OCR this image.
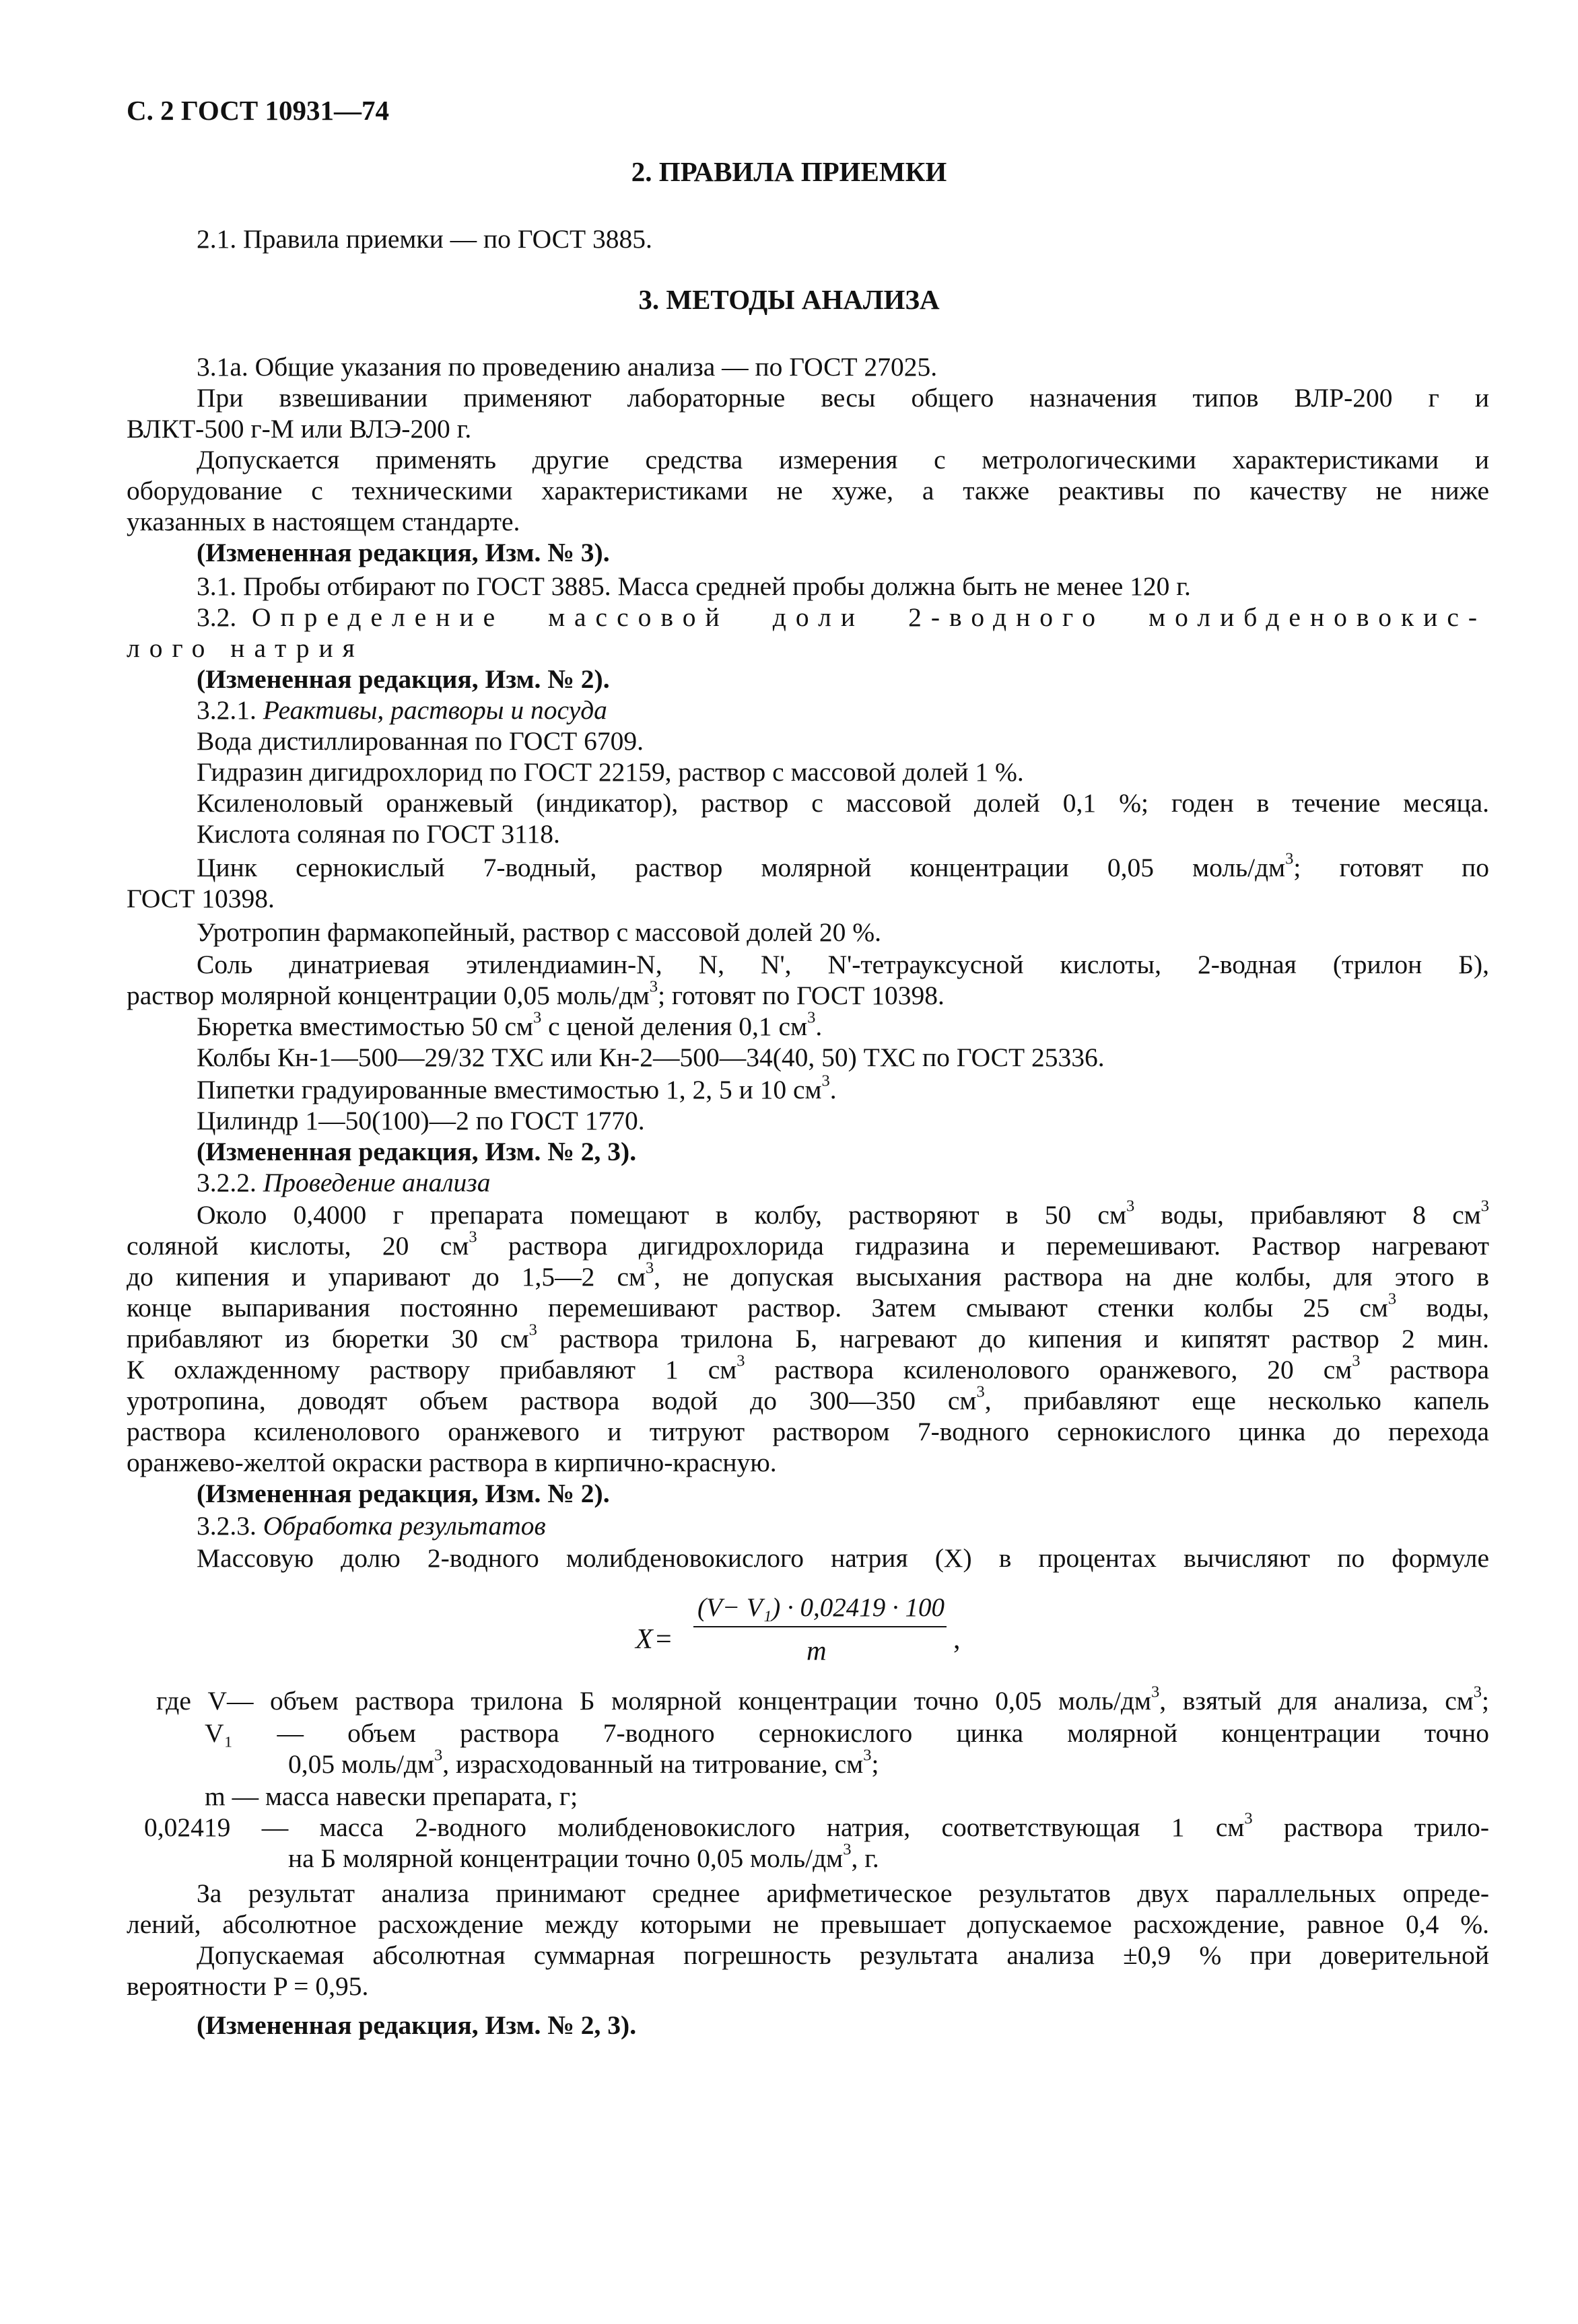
С. 2 ГОСТ 10931—74
2. ПРАВИЛА ПРИЕМКИ
2.1. Правила приемки — по ГОСТ 3885.
3. МЕТОДЫ АНАЛИЗА
3.1а. Общие указания по проведению анализа — по ГОСТ 27025.
При взвешивании применяют лабораторные весы общего назначения типов ВЛР-200 г и
ВЛКТ-500 г-М или ВЛЭ-200 г.
Допускается применять другие средства измерения с метрологическими характеристиками и
оборудование с техническими характеристиками не хуже, а также реактивы по качеству не ниже
указанных в настоящем стандарте.
(Измененная редакция, Изм. № 3).
3.1. Пробы отбирают по ГОСТ 3885. Масса средней пробы должна быть не менее 120 г.
3.2. Определение массовой доли 2-водного молибденовокис-
лого натрия
(Измененная редакция, Изм. № 2).
3.2.1. Реактивы, растворы и посуда
Вода дистиллированная по ГОСТ 6709.
Гидразин дигидрохлорид по ГОСТ 22159, раствор с массовой долей 1 %.
Ксиленоловый оранжевый (индикатор), раствор с массовой долей 0,1 %; годен в течение месяца.
Кислота соляная по ГОСТ 3118.
Цинк сернокислый 7-водный, раствор молярной концентрации 0,05 моль/$дм^3$; готовят по
ГОСТ 10398.
Уротропин фармакопейный, раствор с массовой долей 20 %.
Соль динатриевая этилендиамин-N, N, N', N'-тетрауксусной кислоты, 2-водная (трилон Б),
раствор молярной концентрации 0,05 моль/$дм^3$; готовят по ГОСТ 10398.
Бюретка вместимостью 50 $см^3$ с ценой деления 0,1 $см^3$.
Колбы Кн-1—500—29/32 ТХС или Кн-2—500—34(40, 50) ТХС по ГОСТ 25336.
Пипетки градуированные вместимостью 1, 2, 5 и 10 $см^3$.
Цилиндр 1—50(100)—2 по ГОСТ 1770.
(Измененная редакция, Изм. № 2, 3).
3.2.2. Проведение анализа
Около 0,4000 г препарата помещают в колбу, растворяют в 50 $см^3$ воды, прибавляют 8 $см^3$
соляной кислоты, 20 $см^3$ раствора дигидрохлорида гидразина и перемешивают. Раствор нагревают
до кипения и упаривают до 1,5—2 $см^3$, не допуская высыхания раствора на дне колбы, для этого в
конце выпаривания постоянно перемешивают раствор. Затем смывают стенки колбы 25 $см^3$ воды,
прибавляют из бюретки 30 $см^3$ раствора трилона Б, нагревают до кипения и кипятят раствор 2 мин.
К охлажденному раствору прибавляют 1 $см^3$ раствора ксиленолового оранжевого, 20 $см^3$ раствора
уротропина, доводят объем раствора водой до 300—350 $см^3$, прибавляют еще несколько капель
раствора ксиленолового оранжевого и титруют раствором 7-водного сернокислого цинка до перехода
оранжево-желтой окраски раствора в кирпично-красную.
(Измененная редакция, Изм. № 2).
3.2.3. Обработка результатов
Массовую долю 2-водного молибденовокислого натрия (X) в процентах вычисляют по формуле
X =
(V− V₁) · 0,02419 · 100
m	,
где V— объем раствора трилона Б молярной концентрации точно 0,05 моль/$дм^3$, взятый для анализа, $см^3$;
V₁ — объем раствора 7-водного сернокислого цинка молярной концентрации точно
0,05 моль/$дм^3$, израсходованный на титрование, $см^3$;
m — масса навески препарата, г;
0,02419 — масса 2-водного молибденовокислого натрия, соответствующая 1 $см^3$ раствора трило-
на Б молярной концентрации точно 0,05 моль/$дм^3$, г.
За результат анализа принимают среднее арифметическое результатов двух параллельных опреде-
лений, абсолютное расхождение между которыми не превышает допускаемое расхождение, равное 0,4 %.
Допускаемая абсолютная суммарная погрешность результата анализа ±0,9 % при доверительной
вероятности P = 0,95.
(Измененная редакция, Изм. № 2, 3).
